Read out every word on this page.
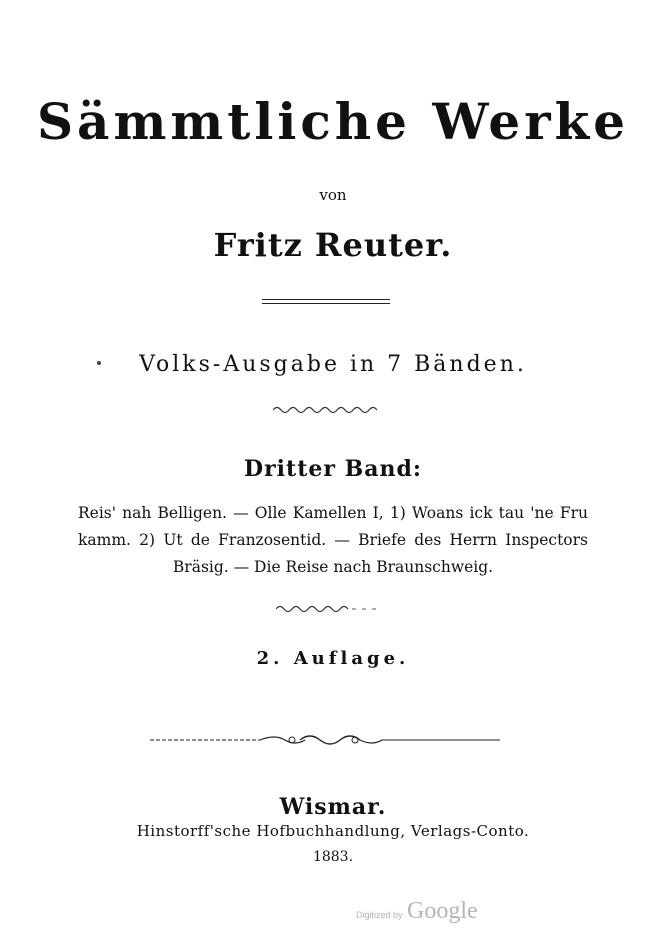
Sämmtliche Werke
von
Fritz Reuter.
Volks-Ausgabe in 7 Bänden.
Dritter Band:
Reis' nah Belligen. — Olle Kamellen I, 1) Woans ick tau 'ne Fru
kamm. 2) Ut de Franzosentid. — Briefe des Herrn Inspectors
Bräsig. — Die Reise nach Braunschweig.
2. Auflage.
Wismar.
Hinstorff'sche Hofbuchhandlung, Verlags-Conto.
1883.
Digitized by Google
